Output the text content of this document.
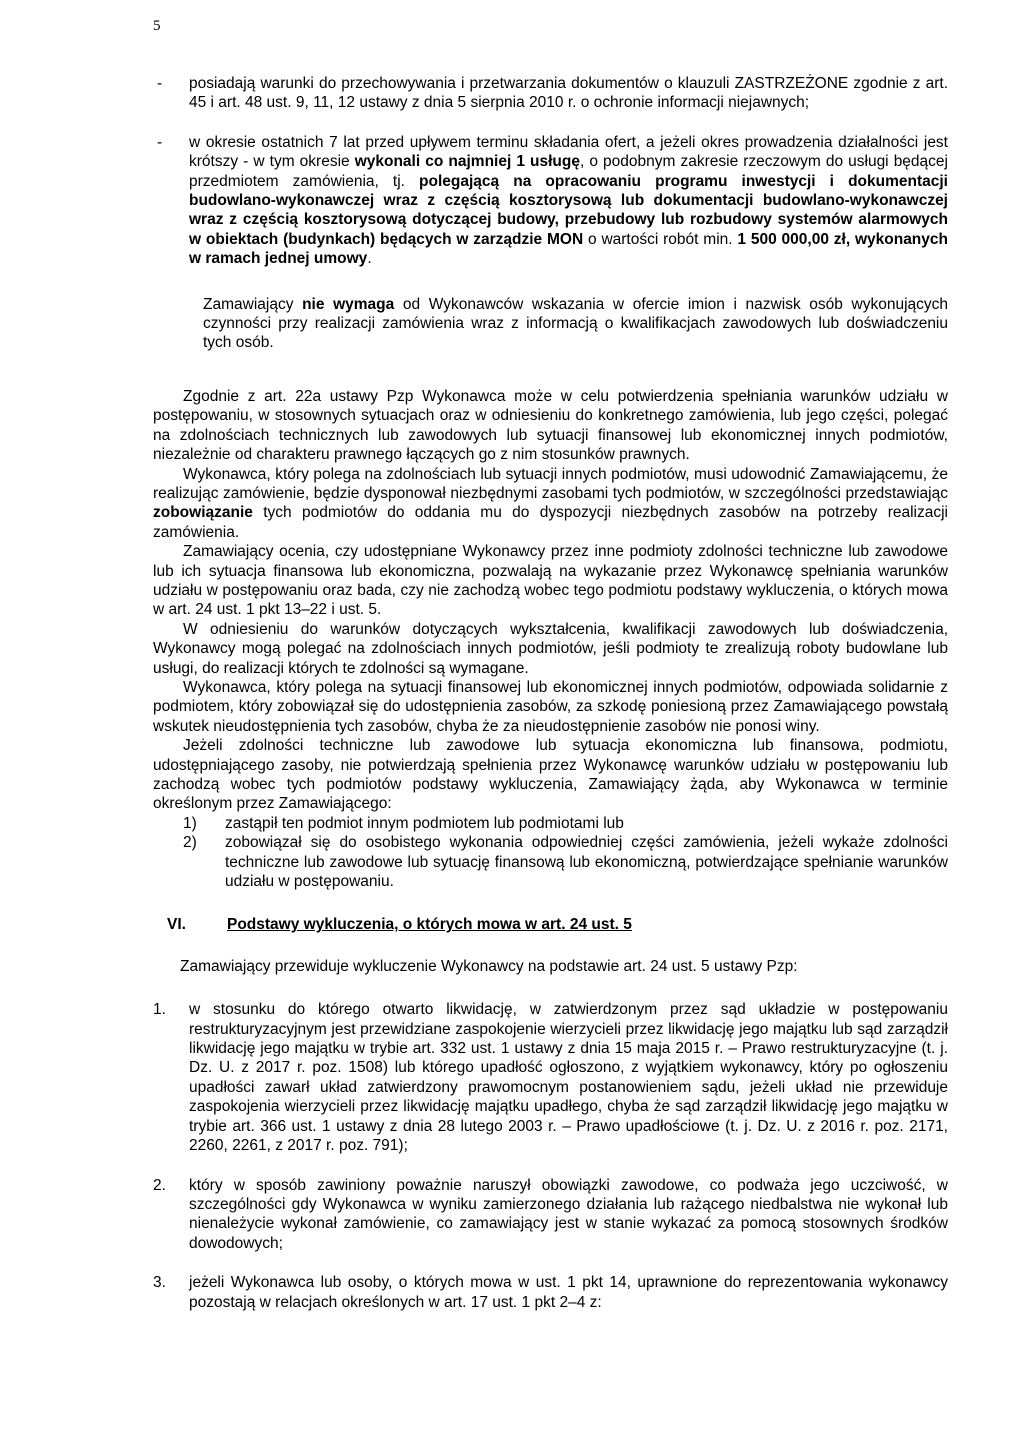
5
-	posiadają warunki do przechowywania i przetwarzania dokumentów o klauzuli ZASTRZEŻONE zgodnie z art. 45 i art. 48 ust. 9, 11, 12 ustawy z dnia 5 sierpnia 2010 r. o ochronie informacji niejawnych;
-	w okresie ostatnich 7 lat przed upływem terminu składania ofert, a jeżeli okres prowadzenia działalności jest krótszy - w tym okresie wykonali co najmniej 1 usługę, o podobnym zakresie rzeczowym do usługi będącej przedmiotem zamówienia, tj. polegającą na opracowaniu programu inwestycji i dokumentacji budowlano-wykonawczej wraz z częścią kosztorysową lub dokumentacji budowlano-wykonawczej wraz z częścią kosztorysową dotyczącej budowy, przebudowy lub rozbudowy systemów alarmowych w obiektach (budynkach) będących w zarządzie MON o wartości robót min. 1 500 000,00 zł, wykonanych w ramach jednej umowy.
Zamawiający nie wymaga od Wykonawców wskazania w ofercie imion i nazwisk osób wykonujących czynności przy realizacji zamówienia wraz z informacją o kwalifikacjach zawodowych lub doświadczeniu tych osób.

Zgodnie z art. 22a ustawy Pzp Wykonawca może w celu potwierdzenia spełniania warunków udziału w postępowaniu, w stosownych sytuacjach oraz w odniesieniu do konkretnego zamówienia, lub jego części, polegać na zdolnościach technicznych lub zawodowych lub sytuacji finansowej lub ekonomicznej innych podmiotów, niezależnie od charakteru prawnego łączących go z nim stosunków prawnych.

Wykonawca, który polega na zdolnościach lub sytuacji innych podmiotów, musi udowodnić Zamawiającemu, że realizując zamówienie, będzie dysponował niezbędnymi zasobami tych podmiotów, w szczególności przedstawiając zobowiązanie tych podmiotów do oddania mu do dyspozycji niezbędnych zasobów na potrzeby realizacji zamówienia.

Zamawiający ocenia, czy udostępniane Wykonawcy przez inne podmioty zdolności techniczne lub zawodowe lub ich sytuacja finansowa lub ekonomiczna, pozwalają na wykazanie przez Wykonawcę spełniania warunków udziału w postępowaniu oraz bada, czy nie zachodzą wobec tego podmiotu podstawy wykluczenia, o których mowa w art. 24 ust. 1 pkt 13–22 i ust. 5.

W odniesieniu do warunków dotyczących wykształcenia, kwalifikacji zawodowych lub doświadczenia, Wykonawcy mogą polegać na zdolnościach innych podmiotów, jeśli podmioty te zrealizują roboty budowlane lub usługi, do realizacji których te zdolności są wymagane.

Wykonawca, który polega na sytuacji finansowej lub ekonomicznej innych podmiotów, odpowiada solidarnie z podmiotem, który zobowiązał się do udostępnienia zasobów, za szkodę poniesioną przez Zamawiającego powstałą wskutek nieudostępnienia tych zasobów, chyba że za nieudostępnienie zasobów nie ponosi winy.

Jeżeli zdolności techniczne lub zawodowe lub sytuacja ekonomiczna lub finansowa, podmiotu, udostępniającego zasoby, nie potwierdzają spełnienia przez Wykonawcę warunków udziału w postępowaniu lub zachodzą wobec tych podmiotów podstawy wykluczenia, Zamawiający żąda, aby Wykonawca w terminie określonym przez Zamawiającego:

1)	zastąpił ten podmiot innym podmiotem lub podmiotami lub
2)	zobowiązał się do osobistego wykonania odpowiedniej części zamówienia, jeżeli wykaże zdolności techniczne lub zawodowe lub sytuację finansową lub ekonomiczną, potwierdzające spełnianie warunków udziału w postępowaniu.
VI.	Podstawy wykluczenia, o których mowa w art. 24 ust. 5
Zamawiający przewiduje wykluczenie Wykonawcy na podstawie art. 24 ust. 5 ustawy Pzp:
1.	w stosunku do którego otwarto likwidację, w zatwierdzonym przez sąd układzie w postępowaniu restrukturyzacyjnym jest przewidziane zaspokojenie wierzycieli przez likwidację jego majątku lub sąd zarządził likwidację jego majątku w trybie art. 332 ust. 1 ustawy z dnia 15 maja 2015 r. – Prawo restrukturyzacyjne (t. j. Dz. U. z 2017 r. poz. 1508) lub którego upadłość ogłoszono, z wyjątkiem wykonawcy, który po ogłoszeniu upadłości zawarł układ zatwierdzony prawomocnym postanowieniem sądu, jeżeli układ nie przewiduje zaspokojenia wierzycieli przez likwidację majątku upadłego, chyba że sąd zarządził likwidację jego majątku w trybie art. 366 ust. 1 ustawy z dnia 28 lutego 2003 r. – Prawo upadłościowe (t. j. Dz. U. z 2016 r. poz. 2171, 2260, 2261, z 2017 r. poz. 791);
2.	który w sposób zawiniony poważnie naruszył obowiązki zawodowe, co podważa jego uczciwość, w szczególności gdy Wykonawca w wyniku zamierzonego działania lub rażącego niedbalstwa nie wykonał lub nienależycie wykonał zamówienie, co zamawiający jest w stanie wykazać za pomocą stosownych środków dowodowych;
3.	jeżeli Wykonawca lub osoby, o których mowa w ust. 1 pkt 14, uprawnione do reprezentowania wykonawcy pozostają w relacjach określonych w art. 17 ust. 1 pkt 2–4 z:
